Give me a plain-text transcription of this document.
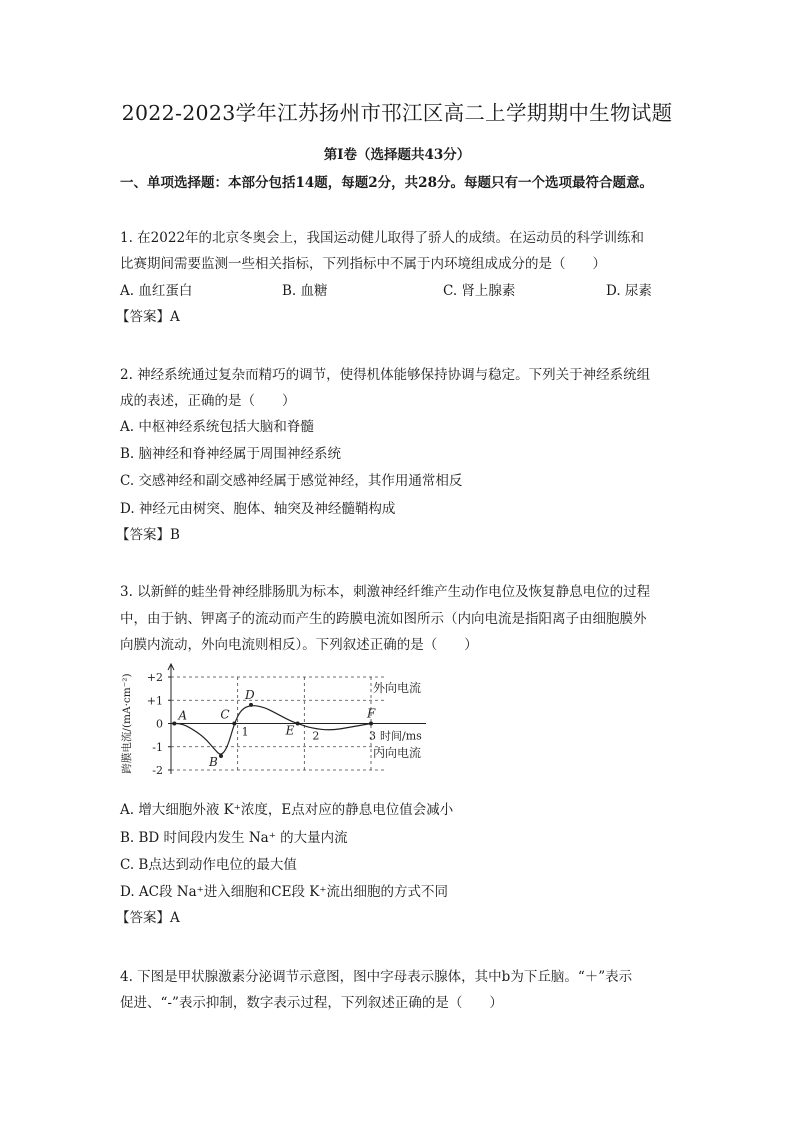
2022-2023学年江苏扬州市邗江区高二上学期期中生物试题
第Ⅰ卷（选择题共43分）
一、单项选择题：本部分包括14题，每题2分，共28分。每题只有一个选项最符合题意。
1. 在2022年的北京冬奥会上，我国运动健儿取得了骄人的成绩。在运动员的科学训练和
比赛期间需要监测一些相关指标，下列指标中不属于内环境组成成分的是（　　）
A. 血红蛋白	B. 血糖	C. 肾上腺素	D. 尿素
【答案】A
2. 神经系统通过复杂而精巧的调节，使得机体能够保持协调与稳定。下列关于神经系统组
成的表述，正确的是（　　）
A. 中枢神经系统包括大脑和脊髓
B. 脑神经和脊神经属于周围神经系统
C. 交感神经和副交感神经属于感觉神经，其作用通常相反
D. 神经元由树突、胞体、轴突及神经髓鞘构成
【答案】B
3. 以新鲜的蛙坐骨神经腓肠肌为标本，刺激神经纤维产生动作电位及恢复静息电位的过程
中，由于钠、钾离子的流动而产生的跨膜电流如图所示（内向电流是指阳离子由细胞膜外
向膜内流动，外向电流则相反）。下列叙述正确的是（　　）
+2
+1
0
-1
-2
跨膜电流/(mA·cm⁻²)	1	2	3 时间/ms
外向电流
内向电流
A
B
C
D
E
F
A. 增大细胞外液 K⁺浓度，E点对应的静息电位值会减小
B. BD 时间段内发生 Na⁺ 的大量内流
C. B点达到动作电位的最大值
D. AC段 Na⁺进入细胞和CE段 K⁺流出细胞的方式不同
【答案】A
4. 下图是甲状腺激素分泌调节示意图，图中字母表示腺体，其中b为下丘脑。“＋”表示
促进、“-”表示抑制，数字表示过程，下列叙述正确的是（　　）
